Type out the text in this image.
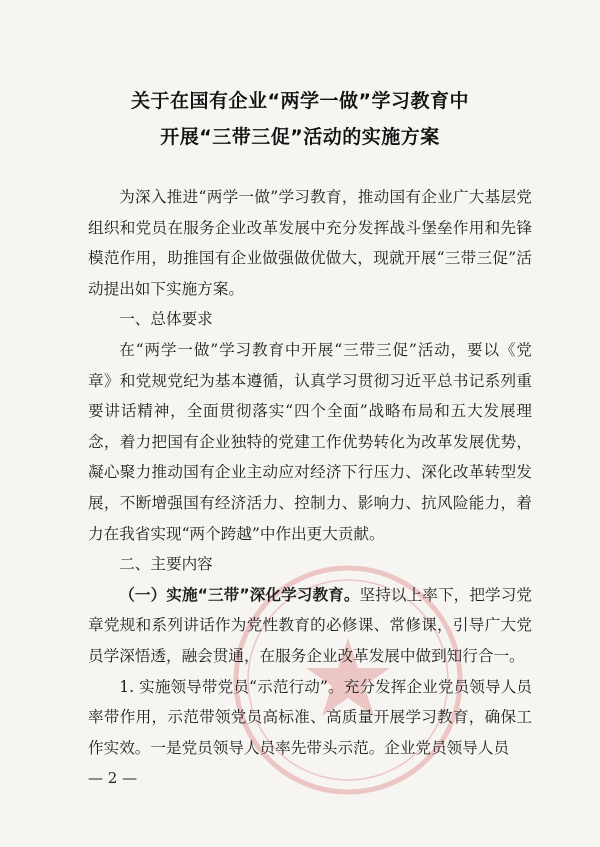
关于在国有企业“两学一做”学习教育中
开展“三带三促”活动的实施方案

为深入推进“两学一做”学习教育，推动国有企业广大基层党组织和党员在服务企业改革发展中充分发挥战斗堡垒作用和先锋模范作用，助推国有企业做强做优做大，现就开展“三带三促”活动提出如下实施方案。

一、总体要求

在“两学一做”学习教育中开展“三带三促”活动，要以《党章》和党规党纪为基本遵循，认真学习贯彻习近平总书记系列重要讲话精神，全面贯彻落实“四个全面”战略布局和五大发展理念，着力把国有企业独特的党建工作优势转化为改革发展优势，凝心聚力推动国有企业主动应对经济下行压力、深化改革转型发展，不断增强国有经济活力、控制力、影响力、抗风险能力，着力在我省实现“两个跨越”中作出更大贡献。

二、主要内容

（一）实施“三带”深化学习教育。坚持以上率下，把学习党章党规和系列讲话作为党性教育的必修课、常修课，引导广大党员学深悟透，融会贯通，在服务企业改革发展中做到知行合一。

1. 实施领导带党员“示范行动”。充分发挥企业党员领导人员率带作用，示范带领党员高标准、高质量开展学习教育，确保工作实效。一是党员领导人员率先带头示范。企业党员领导人员

— 2 —
